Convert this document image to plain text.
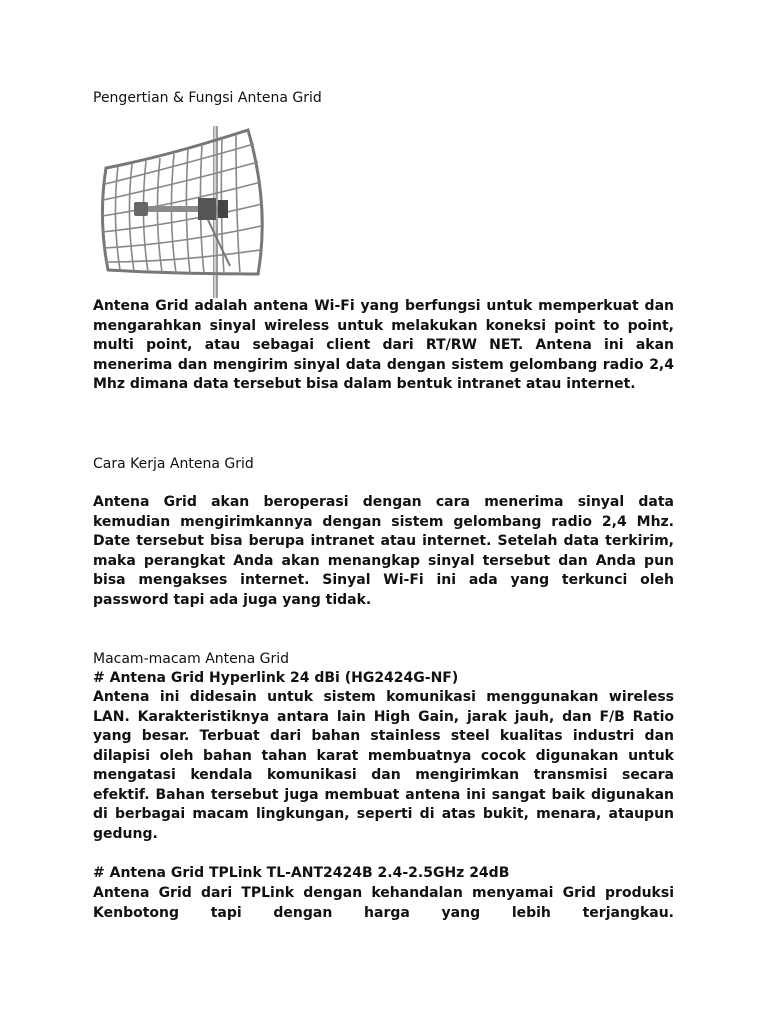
Pengertian & Fungsi Antena Grid

Antena Grid adalah antena Wi-Fi yang berfungsi untuk memperkuat dan mengarahkan sinyal wireless untuk melakukan koneksi point to point, multi point, atau sebagai client dari RT/RW NET. Antena ini akan menerima dan mengirim sinyal data dengan sistem gelombang radio 2,4 Mhz dimana data tersebut bisa dalam bentuk intranet atau internet.

Cara Kerja Antena Grid

Antena Grid akan beroperasi dengan cara menerima sinyal data kemudian mengirimkannya dengan sistem gelombang radio 2,4 Mhz. Date tersebut bisa berupa intranet atau internet. Setelah data terkirim, maka perangkat Anda akan menangkap sinyal tersebut dan Anda pun bisa mengakses internet. Sinyal Wi-Fi ini ada yang terkunci oleh password tapi ada juga yang tidak.

Macam-macam Antena Grid

# Antena Grid Hyperlink 24 dBi (HG2424G-NF)

Antena ini didesain untuk sistem komunikasi menggunakan wireless LAN. Karakteristiknya antara lain High Gain, jarak jauh, dan F/B Ratio yang besar. Terbuat dari bahan stainless steel kualitas industri dan dilapisi oleh bahan tahan karat membuatnya cocok digunakan untuk mengatasi kendala komunikasi dan mengirimkan transmisi secara efektif. Bahan tersebut juga membuat antena ini sangat baik digunakan di berbagai macam lingkungan, seperti di atas bukit, menara, ataupun gedung.

# Antena Grid TPLink TL-ANT2424B 2.4-2.5GHz 24dB

Antena Grid dari TPLink dengan kehandalan menyamai Grid produksi Kenbotong tapi dengan harga yang lebih terjangkau.
